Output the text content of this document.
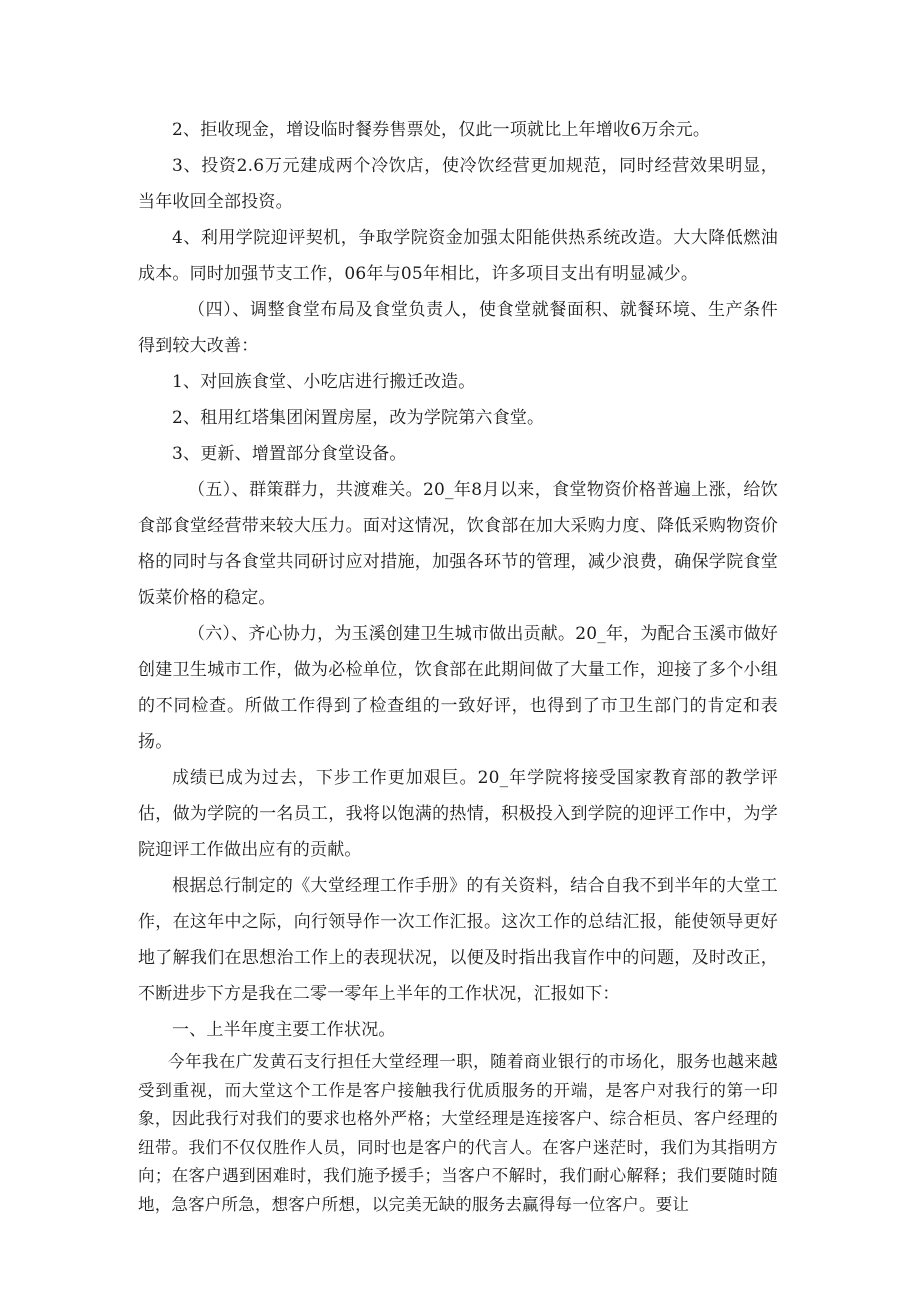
2、拒收现金，增设临时餐券售票处，仅此一项就比上年增收6万余元。

3、投资2.6万元建成两个冷饮店，使冷饮经营更加规范，同时经营效果明显，当年收回全部投资。

4、利用学院迎评契机，争取学院资金加强太阳能供热系统改造。大大降低燃油成本。同时加强节支工作，06年与05年相比，许多项目支出有明显减少。

（四）、调整食堂布局及食堂负责人，使食堂就餐面积、就餐环境、生产条件得到较大改善：

1、对回族食堂、小吃店进行搬迁改造。

2、租用红塔集团闲置房屋，改为学院第六食堂。

3、更新、增置部分食堂设备。

（五）、群策群力，共渡难关。20_年8月以来，食堂物资价格普遍上涨，给饮食部食堂经营带来较大压力。面对这情况，饮食部在加大采购力度、降低采购物资价格的同时与各食堂共同研讨应对措施，加强各环节的管理，减少浪费，确保学院食堂饭菜价格的稳定。

（六）、齐心协力，为玉溪创建卫生城市做出贡献。20_年，为配合玉溪市做好创建卫生城市工作，做为必检单位，饮食部在此期间做了大量工作，迎接了多个小组的不同检查。所做工作得到了检查组的一致好评，也得到了市卫生部门的肯定和表扬。

成绩已成为过去，下步工作更加艰巨。20_年学院将接受国家教育部的教学评估，做为学院的一名员工，我将以饱满的热情，积极投入到学院的迎评工作中，为学院迎评工作做出应有的贡献。

根据总行制定的《大堂经理工作手册》的有关资料，结合自我不到半年的大堂工作，在这年中之际，向行领导作一次工作汇报。这次工作的总结汇报，能使领导更好地了解我们在思想治工作上的表现状况，以便及时指出我盲作中的问题，及时改正，不断进步下方是我在二零一零年上半年的工作状况，汇报如下：

一、上半年度主要工作状况。

今年我在广发黄石支行担任大堂经理一职，随着商业银行的市场化，服务也越来越受到重视，而大堂这个工作是客户接触我行优质服务的开端，是客户对我行的第一印象，因此我行对我们的要求也格外严格；大堂经理是连接客户、综合柜员、客户经理的纽带。我们不仅仅胜作人员，同时也是客户的代言人。在客户迷茫时，我们为其指明方向；在客户遇到困难时，我们施予援手；当客户不解时，我们耐心解释；我们要随时随地，急客户所急，想客户所想，以完美无缺的服务去赢得每一位客户。要让
